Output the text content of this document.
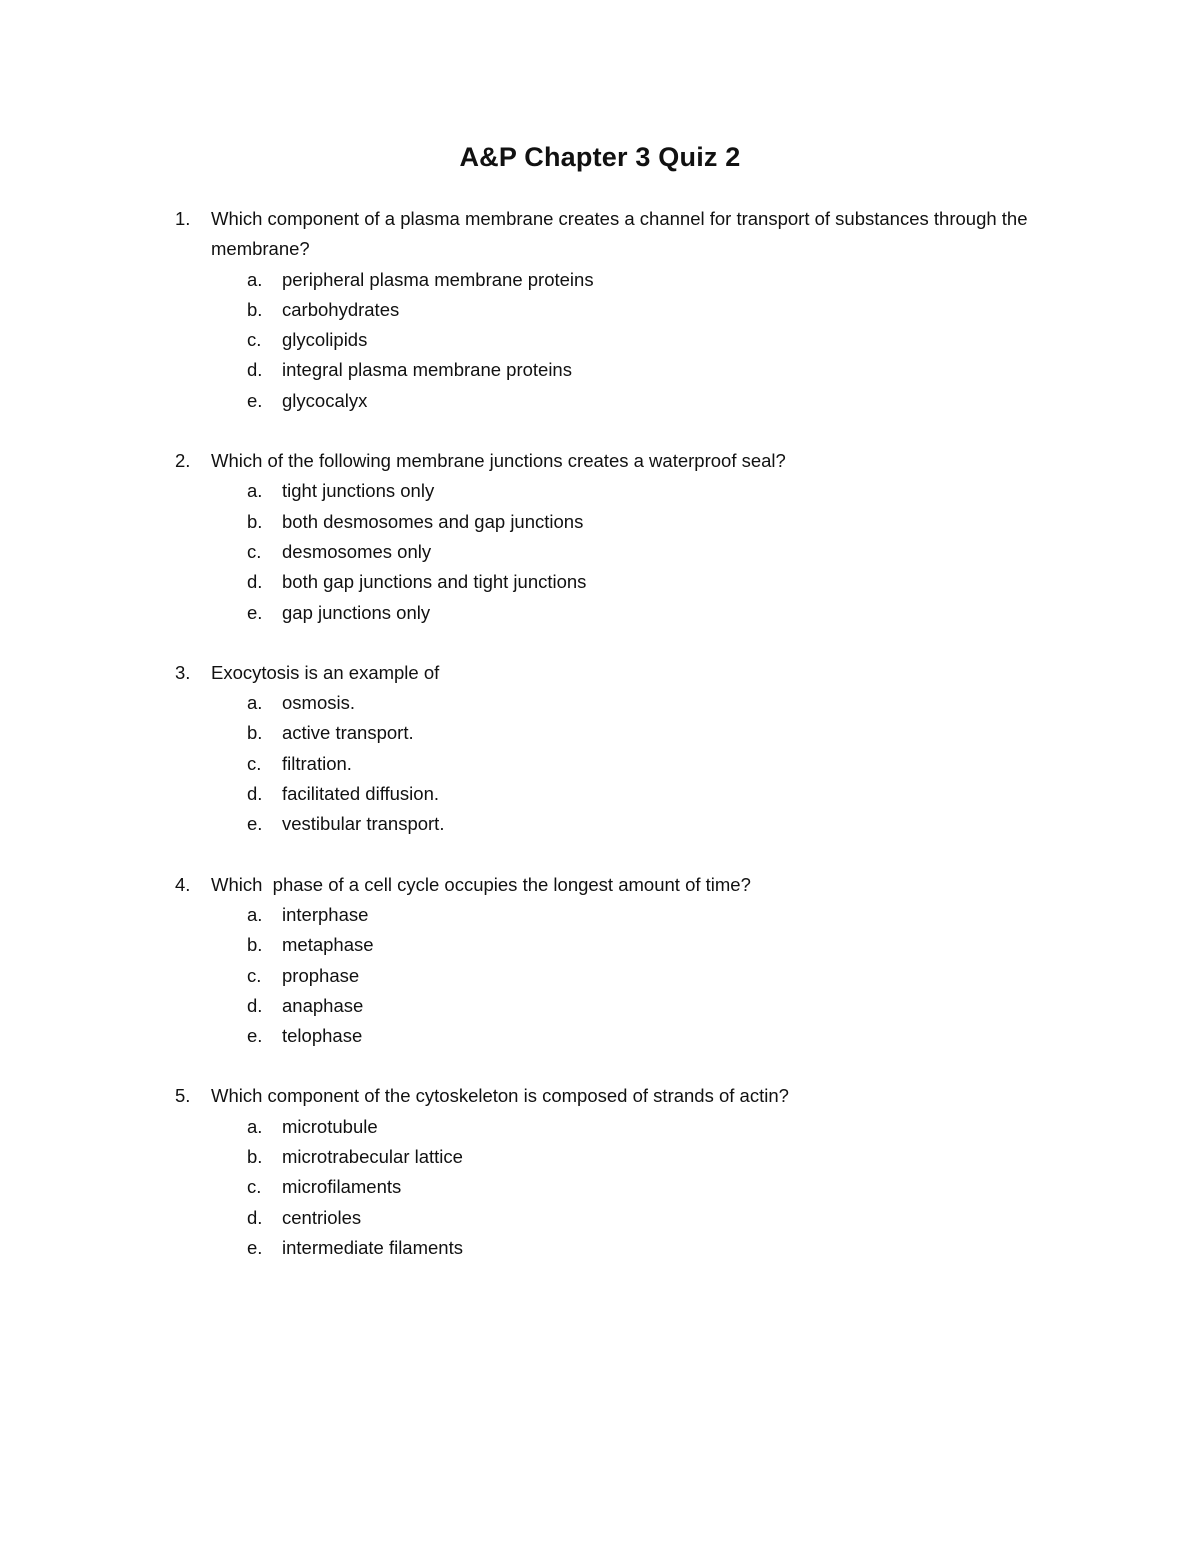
A&P Chapter 3 Quiz 2
1. Which component of a plasma membrane creates a channel for transport of substances through the membrane?
a. peripheral plasma membrane proteins
b. carbohydrates
c. glycolipids
d. integral plasma membrane proteins
e. glycocalyx
2. Which of the following membrane junctions creates a waterproof seal?
a. tight junctions only
b. both desmosomes and gap junctions
c. desmosomes only
d. both gap junctions and tight junctions
e. gap junctions only
3. Exocytosis is an example of
a. osmosis.
b. active transport.
c. filtration.
d. facilitated diffusion.
e. vestibular transport.
4. Which  phase of a cell cycle occupies the longest amount of time?
a. interphase
b. metaphase
c. prophase
d. anaphase
e. telophase
5. Which component of the cytoskeleton is composed of strands of actin?
a. microtubule
b. microtrabecular lattice
c. microfilaments
d. centrioles
e. intermediate filaments
